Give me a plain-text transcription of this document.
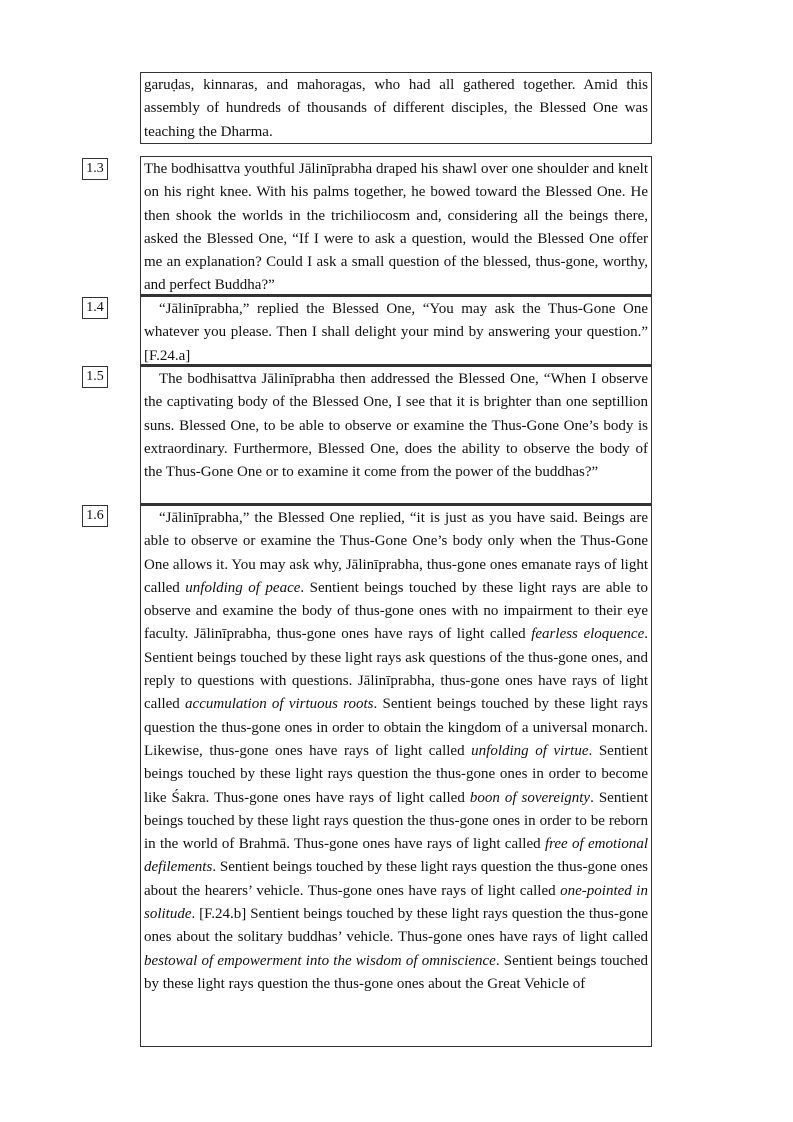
garuḍas, kinnaras, and mahoragas, who had all gathered together. Amid this assembly of hundreds of thousands of different disciples, the Blessed One was teaching the Dharma.
1.3	The bodhisattva youthful Jālinīprabha draped his shawl over one shoulder and knelt on his right knee. With his palms together, he bowed toward the Blessed One. He then shook the worlds in the trichiliocosm and, considering all the beings there, asked the Blessed One, “If I were to ask a question, would the Blessed One offer me an explanation? Could I ask a small question of the blessed, thus-gone, worthy, and perfect Buddha?”
1.4	“Jālinīprabha,” replied the Blessed One, “You may ask the Thus-Gone One whatever you please. Then I shall delight your mind by answering your question.” [F.24.a]
1.5	The bodhisattva Jālinīprabha then addressed the Blessed One, “When I observe the captivating body of the Blessed One, I see that it is brighter than one septillion suns. Blessed One, to be able to observe or examine the Thus-Gone One’s body is extraordinary. Furthermore, Blessed One, does the ability to observe the body of the Thus-Gone One or to examine it come from the power of the buddhas?”
1.6	“Jālinīprabha,” the Blessed One replied, “it is just as you have said. Beings are able to observe or examine the Thus-Gone One’s body only when the Thus-Gone One allows it. You may ask why, Jālinīprabha, thus-gone ones emanate rays of light called unfolding of peace. Sentient beings touched by these light rays are able to observe and examine the body of thus-gone ones with no impairment to their eye faculty. Jālinīprabha, thus-gone ones have rays of light called fearless eloquence. Sentient beings touched by these light rays ask questions of the thus-gone ones, and reply to questions with questions. Jālinīprabha, thus-gone ones have rays of light called accumulation of virtuous roots. Sentient beings touched by these light rays question the thus-gone ones in order to obtain the kingdom of a universal monarch. Likewise, thus-gone ones have rays of light called unfolding of virtue. Sentient beings touched by these light rays question the thus-gone ones in order to become like Śakra. Thus-gone ones have rays of light called boon of sovereignty. Sentient beings touched by these light rays question the thus-gone ones in order to be reborn in the world of Brahmā. Thus-gone ones have rays of light called free of emotional defilements. Sentient beings touched by these light rays question the thus-gone ones about the hearers’ vehicle. Thus-gone ones have rays of light called one-pointed in solitude. [F.24.b] Sentient beings touched by these light rays question the thus-gone ones about the solitary buddhas’ vehicle. Thus-gone ones have rays of light called bestowal of empowerment into the wisdom of omniscience. Sentient beings touched by these light rays question the thus-gone ones about the Great Vehicle of
